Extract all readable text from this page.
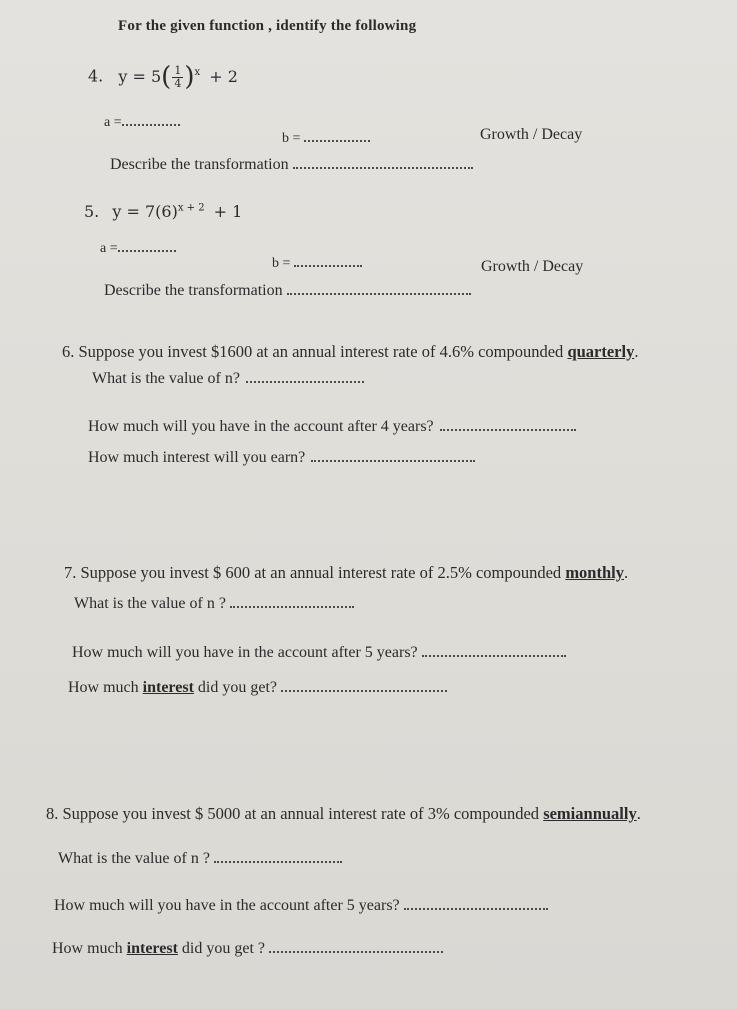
For the given function , identify the following
4. $y = 5( \frac{1}{4} )^x + 2$
a =
b =	Growth / Decay
Describe the transformation
5. $y = 7(6)^{x + 2} + 1$
a =
b =	Growth / Decay
Describe the transformation
6. Suppose you invest $1600 at an annual interest rate of 4.6% compounded quarterly.
What is the value of n?
How much will you have in the account after 4 years?
How much interest will you earn?
7. Suppose you invest $ 600 at an annual interest rate of 2.5% compounded monthly.
What is the value of n ?
How much will you have in the account after 5 years?
How much interest did you get?
8. Suppose you invest $ 5000 at an annual interest rate of 3% compounded semiannually.
What is the value of n ?
How much will you have in the account after 5 years?
How much interest did you get ?
